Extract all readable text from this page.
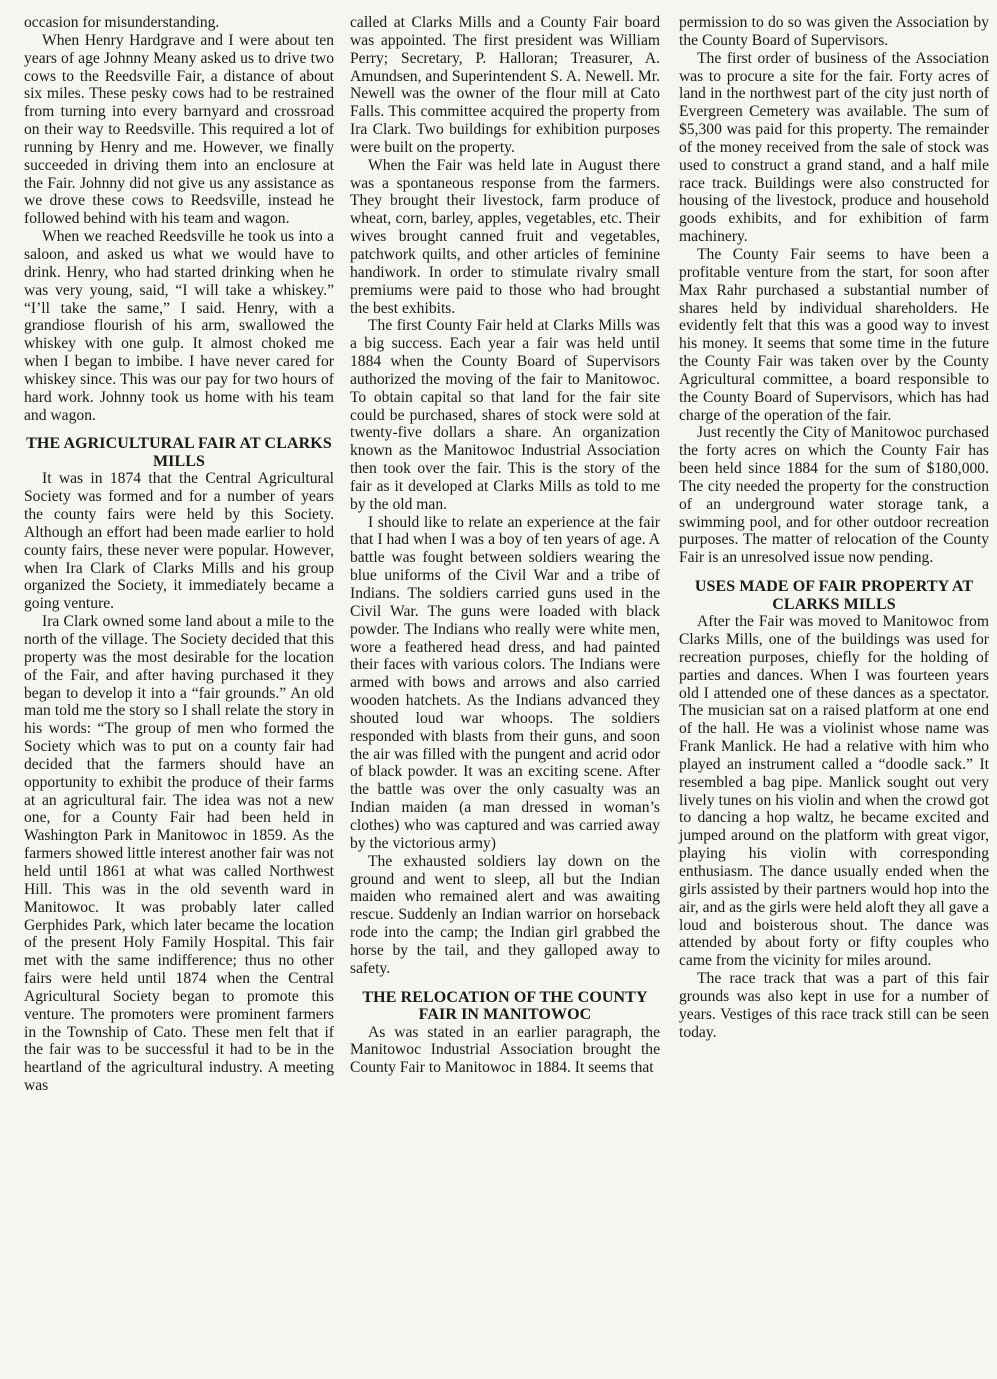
occasion for misunderstanding.

When Henry Hardgrave and I were about ten years of age Johnny Meany asked us to drive two cows to the Reedsville Fair, a distance of about six miles. These pesky cows had to be restrained from turning into every barnyard and crossroad on their way to Reedsville. This required a lot of running by Henry and me. However, we finally succeeded in driving them into an enclosure at the Fair. Johnny did not give us any assistance as we drove these cows to Reedsville, instead he followed behind with his team and wagon.

When we reached Reedsville he took us into a saloon, and asked us what we would have to drink. Henry, who had started drinking when he was very young, said, “I will take a whiskey.” “I’ll take the same,” I said. Henry, with a grandiose flourish of his arm, swallowed the whiskey with one gulp. It almost choked me when I began to imbibe. I have never cared for whiskey since. This was our pay for two hours of hard work. Johnny took us home with his team and wagon.

THE AGRICULTURAL FAIR AT CLARKS MILLS

It was in 1874 that the Central Agricultural Society was formed and for a number of years the county fairs were held by this Society. Although an effort had been made earlier to hold county fairs, these never were popular. However, when Ira Clark of Clarks Mills and his group organized the Society, it immediately became a going venture.

Ira Clark owned some land about a mile to the north of the village. The Society decided that this property was the most desirable for the location of the Fair, and after having purchased it they began to develop it into a “fair grounds.” An old man told me the story so I shall relate the story in his words: “The group of men who formed the Society which was to put on a county fair had decided that the farmers should have an opportunity to exhibit the produce of their farms at an agricultural fair. The idea was not a new one, for a County Fair had been held in Washington Park in Manitowoc in 1859. As the farmers showed little interest another fair was not held until 1861 at what was called Northwest Hill. This was in the old seventh ward in Manitowoc. It was probably later called Gerphides Park, which later became the location of the present Holy Family Hospital. This fair met with the same indifference; thus no other fairs were held until 1874 when the Central Agricultural Society began to promote this venture. The promoters were prominent farmers in the Township of Cato. These men felt that if the fair was to be successful it had to be in the heartland of the agricultural industry. A meeting was

called at Clarks Mills and a County Fair board was appointed. The first president was William Perry; Secretary, P. Halloran; Treasurer, A. Amundsen, and Superintendent S. A. Newell. Mr. Newell was the owner of the flour mill at Cato Falls. This committee acquired the property from Ira Clark. Two buildings for exhibition purposes were built on the property.

When the Fair was held late in August there was a spontaneous response from the farmers. They brought their livestock, farm produce of wheat, corn, barley, apples, vegetables, etc. Their wives brought canned fruit and vegetables, patchwork quilts, and other articles of feminine handiwork. In order to stimulate rivalry small premiums were paid to those who had brought the best exhibits.

The first County Fair held at Clarks Mills was a big success. Each year a fair was held until 1884 when the County Board of Supervisors authorized the moving of the fair to Manitowoc. To obtain capital so that land for the fair site could be purchased, shares of stock were sold at twenty-five dollars a share. An organization known as the Manitowoc Industrial Association then took over the fair. This is the story of the fair as it developed at Clarks Mills as told to me by the old man.

I should like to relate an experience at the fair that I had when I was a boy of ten years of age. A battle was fought between soldiers wearing the blue uniforms of the Civil War and a tribe of Indians. The soldiers carried guns used in the Civil War. The guns were loaded with black powder. The Indians who really were white men, wore a feathered head dress, and had painted their faces with various colors. The Indians were armed with bows and arrows and also carried wooden hatchets. As the Indians advanced they shouted loud war whoops. The soldiers responded with blasts from their guns, and soon the air was filled with the pungent and acrid odor of black powder. It was an exciting scene. After the battle was over the only casualty was an Indian maiden (a man dressed in woman’s clothes) who was captured and was carried away by the victorious army)

The exhausted soldiers lay down on the ground and went to sleep, all but the Indian maiden who remained alert and was awaiting rescue. Suddenly an Indian warrior on horseback rode into the camp; the Indian girl grabbed the horse by the tail, and they galloped away to safety.

THE RELOCATION OF THE COUNTY FAIR IN MANITOWOC

As was stated in an earlier paragraph, the Manitowoc Industrial Association brought the County Fair to Manitowoc in 1884. It seems that

permission to do so was given the Association by the County Board of Supervisors.

The first order of business of the Association was to procure a site for the fair. Forty acres of land in the northwest part of the city just north of Evergreen Cemetery was available. The sum of $5,300 was paid for this property. The remainder of the money received from the sale of stock was used to construct a grand stand, and a half mile race track. Buildings were also constructed for housing of the livestock, produce and household goods exhibits, and for exhibition of farm machinery.

The County Fair seems to have been a profitable venture from the start, for soon after Max Rahr purchased a substantial number of shares held by individual shareholders. He evidently felt that this was a good way to invest his money. It seems that some time in the future the County Fair was taken over by the County Agricultural committee, a board responsible to the County Board of Supervisors, which has had charge of the operation of the fair.

Just recently the City of Manitowoc purchased the forty acres on which the County Fair has been held since 1884 for the sum of $180,000. The city needed the property for the construction of an underground water storage tank, a swimming pool, and for other outdoor recreation purposes. The matter of relocation of the County Fair is an unresolved issue now pending.

USES MADE OF FAIR PROPERTY AT CLARKS MILLS

After the Fair was moved to Manitowoc from Clarks Mills, one of the buildings was used for recreation purposes, chiefly for the holding of parties and dances. When I was fourteen years old I attended one of these dances as a spectator. The musician sat on a raised platform at one end of the hall. He was a violinist whose name was Frank Manlick. He had a relative with him who played an instrument called a “doodle sack.” It resembled a bag pipe. Manlick sought out very lively tunes on his violin and when the crowd got to dancing a hop waltz, he became excited and jumped around on the platform with great vigor, playing his violin with corresponding enthusiasm. The dance usually ended when the girls assisted by their partners would hop into the air, and as the girls were held aloft they all gave a loud and boisterous shout. The dance was attended by about forty or fifty couples who came from the vicinity for miles around.

The race track that was a part of this fair grounds was also kept in use for a number of years. Vestiges of this race track still can be seen today.
